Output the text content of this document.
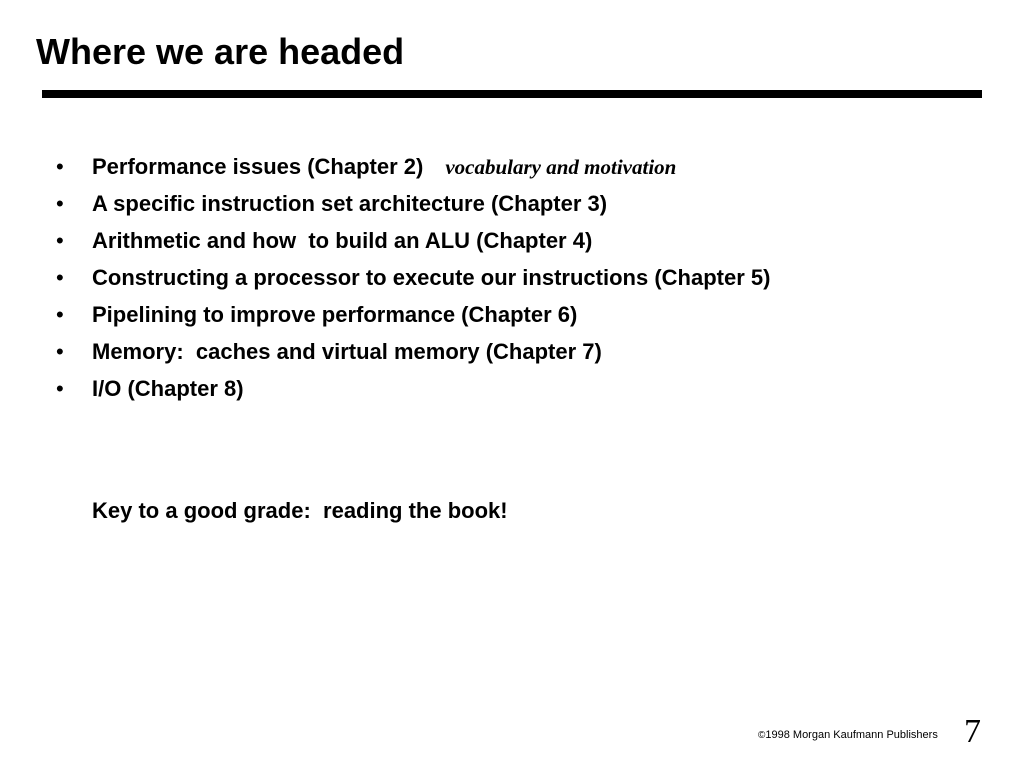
Where we are headed
• Performance issues (Chapter 2) vocabulary and motivation
• A specific instruction set architecture (Chapter 3)
• Arithmetic and how  to build an ALU (Chapter 4)
• Constructing a processor to execute our instructions (Chapter 5)
• Pipelining to improve performance (Chapter 6)
• Memory:  caches and virtual memory (Chapter 7)
• I/O (Chapter 8)
Key to a good grade:  reading the book!
©1998 Morgan Kaufmann Publishers 7
